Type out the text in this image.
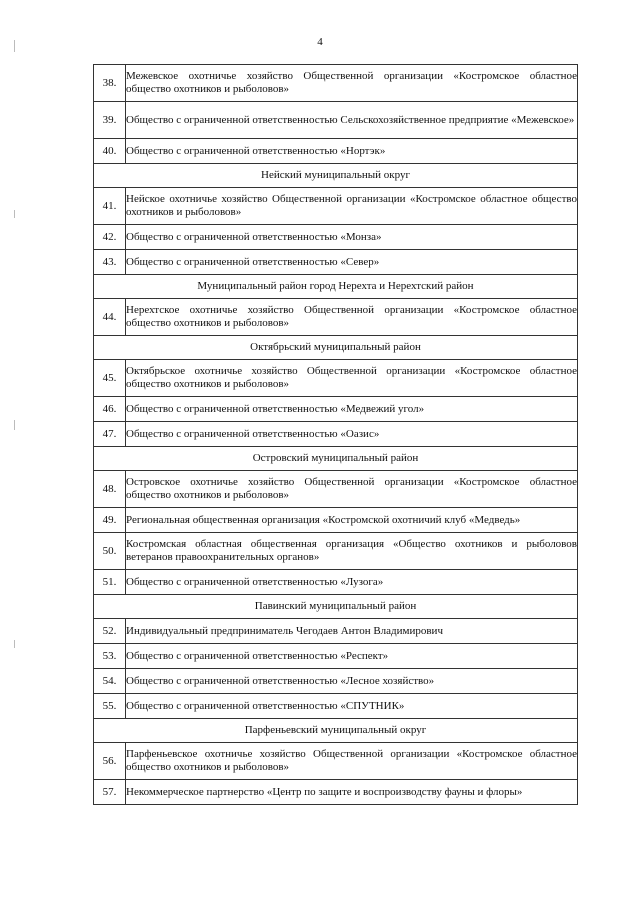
4
38.	Межевское охотничье хозяйство Общественной организации «Костромское областное общество охотников и рыболовов»
39.	Общество с ограниченной ответственностью Сельскохозяйственное предприятие «Межевское»
40.	Общество с ограниченной ответственностью «Нортэк»
Нейский муниципальный округ	
41.	Нейское охотничье хозяйство Общественной организации «Костромское областное общество охотников и рыболовов»
42.	Общество с ограниченной ответственностью «Монза»
43.	Общество с ограниченной ответственностью «Север»
Муниципальный район город Нерехта и Нерехтский район	
44.	Нерехтское охотничье хозяйство Общественной организации «Костромское областное общество охотников и рыболовов»
Октябрьский муниципальный район	
45.	Октябрьское охотничье хозяйство Общественной организации «Костромское областное общество охотников и рыболовов»
46.	Общество с ограниченной ответственностью «Медвежий угол»
47.	Общество с ограниченной ответственностью «Оазис»
Островский муниципальный район	
48.	Островское охотничье хозяйство Общественной организации «Костромское областное общество охотников и рыболовов»
49.	Региональная общественная организация «Костромской охотничий клуб «Медведь»
50.	Костромская областная общественная организация «Общество охотников и рыболовов ветеранов правоохранительных органов»
51.	Общество с ограниченной ответственностью «Лузога»
Павинский муниципальный район	
52.	Индивидуальный предприниматель Чегодаев Антон Владимирович
53.	Общество с ограниченной ответственностью «Респект»
54.	Общество с ограниченной ответственностью «Лесное хозяйство»
55.	Общество с ограниченной ответственностью «СПУТНИК»
Парфеньевский муниципальный округ	
56.	Парфеньевское охотничье хозяйство Общественной организации «Костромское областное общество охотников и рыболовов»
57.	Некоммерческое партнерство «Центр по защите и воспроизводству фауны и флоры»
